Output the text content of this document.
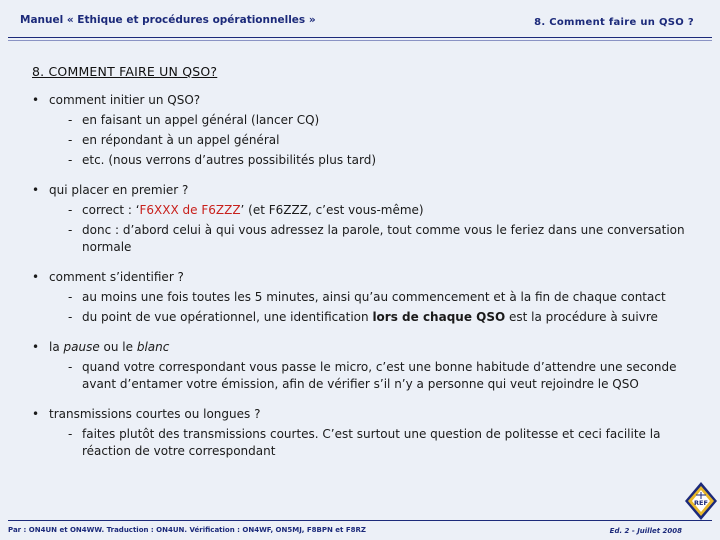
Manuel « Ethique et procédures opérationnelles »	8. Comment faire un QSO ?
8. COMMENT FAIRE UN QSO?
• comment initier un QSO?
- en faisant un appel général (lancer CQ)
- en répondant à un appel général
- etc. (nous verrons d’autres possibilités plus tard)
• qui placer en premier ?
- correct : ‘F6XXX de F6ZZZ’ (et F6ZZZ, c’est vous-même)
- donc : d’abord celui à qui vous adressez la parole, tout comme vous le feriez dans une conversation normale
• comment s’identifier ?
- au moins une fois toutes les 5 minutes, ainsi qu’au commencement et à la fin de chaque contact
- du point de vue opérationnel, une identification lors de chaque QSO est la procédure à suivre
• la pause ou le blanc
- quand votre correspondant vous passe le micro, c’est une bonne habitude d’attendre une seconde avant d’entamer votre émission, afin de vérifier s’il n’y a personne qui veut rejoindre le QSO
• transmissions courtes ou longues ?
- faites plutôt des transmissions courtes. C’est surtout une question de politesse et ceci facilite la réaction de votre correspondant
REF
Par : ON4UN et ON4WW. Traduction : ON4UN. Vérification : ON4WF, ON5MJ, F8BPN et F8RZ	Ed. 2 - Juillet 2008
